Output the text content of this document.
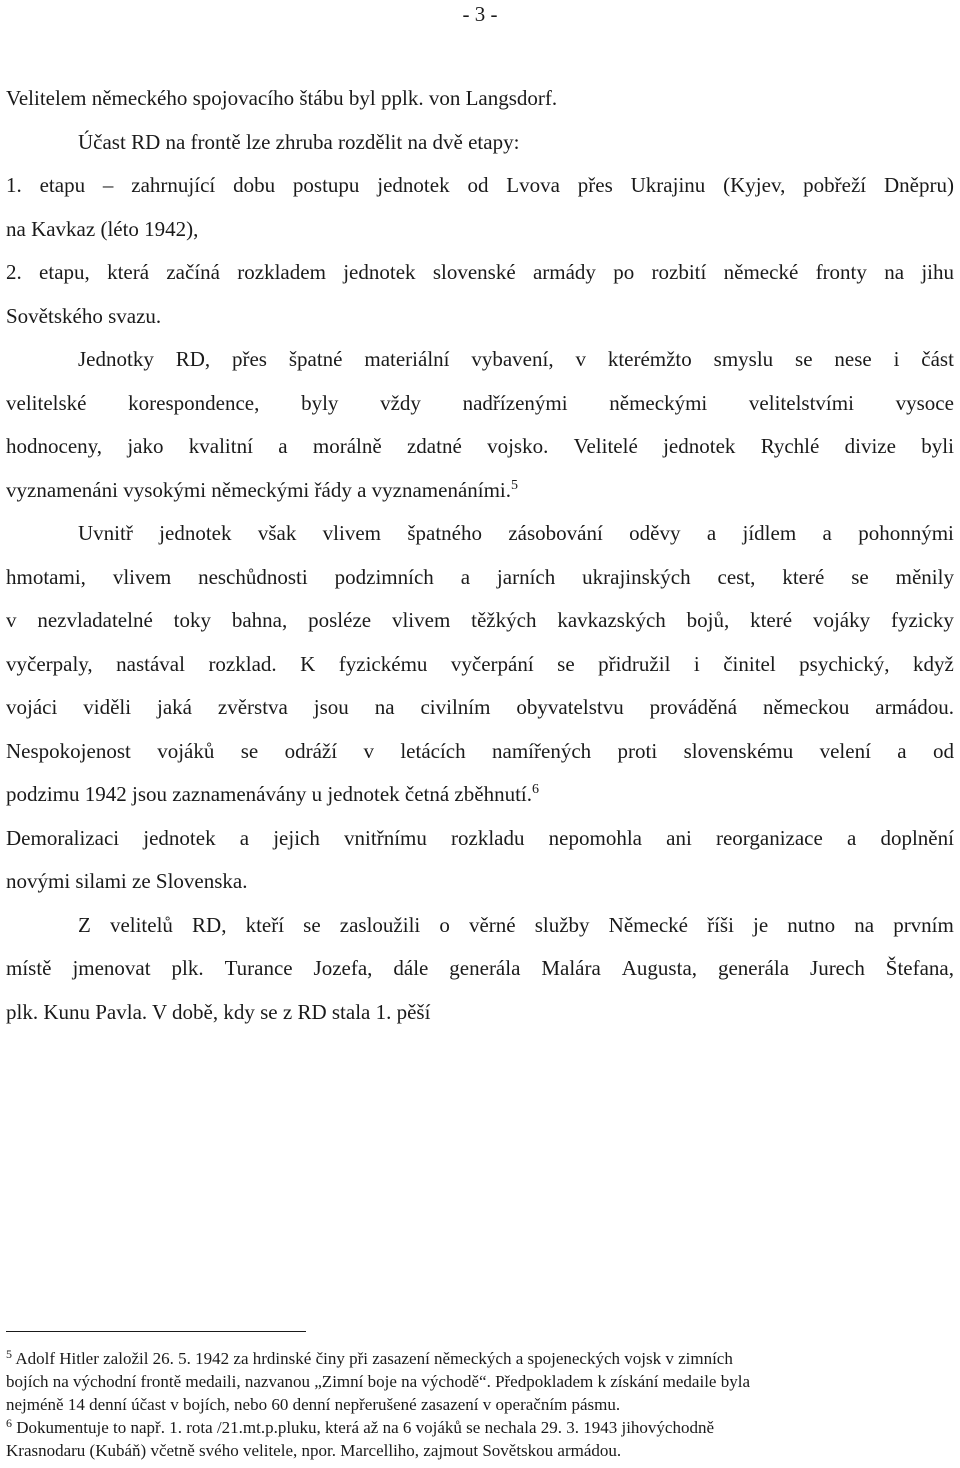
- 3 -
Velitelem německého spojovacího štábu byl pplk. von Langsdorf.
Účast RD na frontě lze zhruba rozdělit na dvě etapy:
1. etapu – zahrnující dobu postupu jednotek od Lvova přes Ukrajinu (Kyjev, pobřeží Dněpru)
na Kavkaz (léto 1942),
2. etapu, která začíná rozkladem jednotek slovenské armády po rozbití německé fronty na jihu
Sovětského svazu.
Jednotky RD, přes špatné materiální vybavení, v kterémžto smyslu se nese i část
velitelské korespondence, byly vždy nadřízenými německými velitelstvími vysoce
hodnoceny, jako kvalitní a morálně zdatné vojsko. Velitelé jednotek Rychlé divize byli
vyznamenáni vysokými německými řády a vyznamenáními.$^5$
Uvnitř jednotek však vlivem špatného zásobování oděvy a jídlem a pohonnými
hmotami, vlivem neschůdnosti podzimních a jarních ukrajinských cest, které se měnily
v nezvladatelné toky bahna, posléze vlivem těžkých kavkazských bojů, které vojáky fyzicky
vyčerpaly, nastával rozklad. K fyzickému vyčerpání se přidružil i činitel psychický, když
vojáci viděli jaká zvěrstva jsou na civilním obyvatelstvu prováděná německou armádou.
Nespokojenost vojáků se odráží v letácích namířených proti slovenskému velení a od
podzimu 1942 jsou zaznamenávány u jednotek četná zběhnutí.$^6$
Demoralizaci jednotek a jejich vnitřnímu rozkladu nepomohla ani reorganizace a doplnění
novými silami ze Slovenska.
Z velitelů RD, kteří se zasloužili o věrné služby Německé říši je nutno na prvním
místě jmenovat plk. Turance Jozefa, dále generála Malára Augusta, generála Jurech Štefana,
plk. Kunu Pavla. V době, kdy se z RD stala 1. pěší
$^5$ Adolf Hitler založil 26. 5. 1942 za hrdinské činy při zasazení německých a spojeneckých vojsk v zimních
bojích na východní frontě medaili, nazvanou „Zimní boje na východě“. Předpokladem k získání medaile byla
nejméně 14 denní účast v bojích, nebo 60 denní nepřerušené zasazení v operačním pásmu.
$^6$ Dokumentuje to např. 1. rota /21.mt.p.pluku, která až na 6 vojáků se nechala 29. 3. 1943 jihovýchodně
Krasnodaru (Kubáň) včetně svého velitele, npor. Marcelliho, zajmout Sovětskou armádou.
